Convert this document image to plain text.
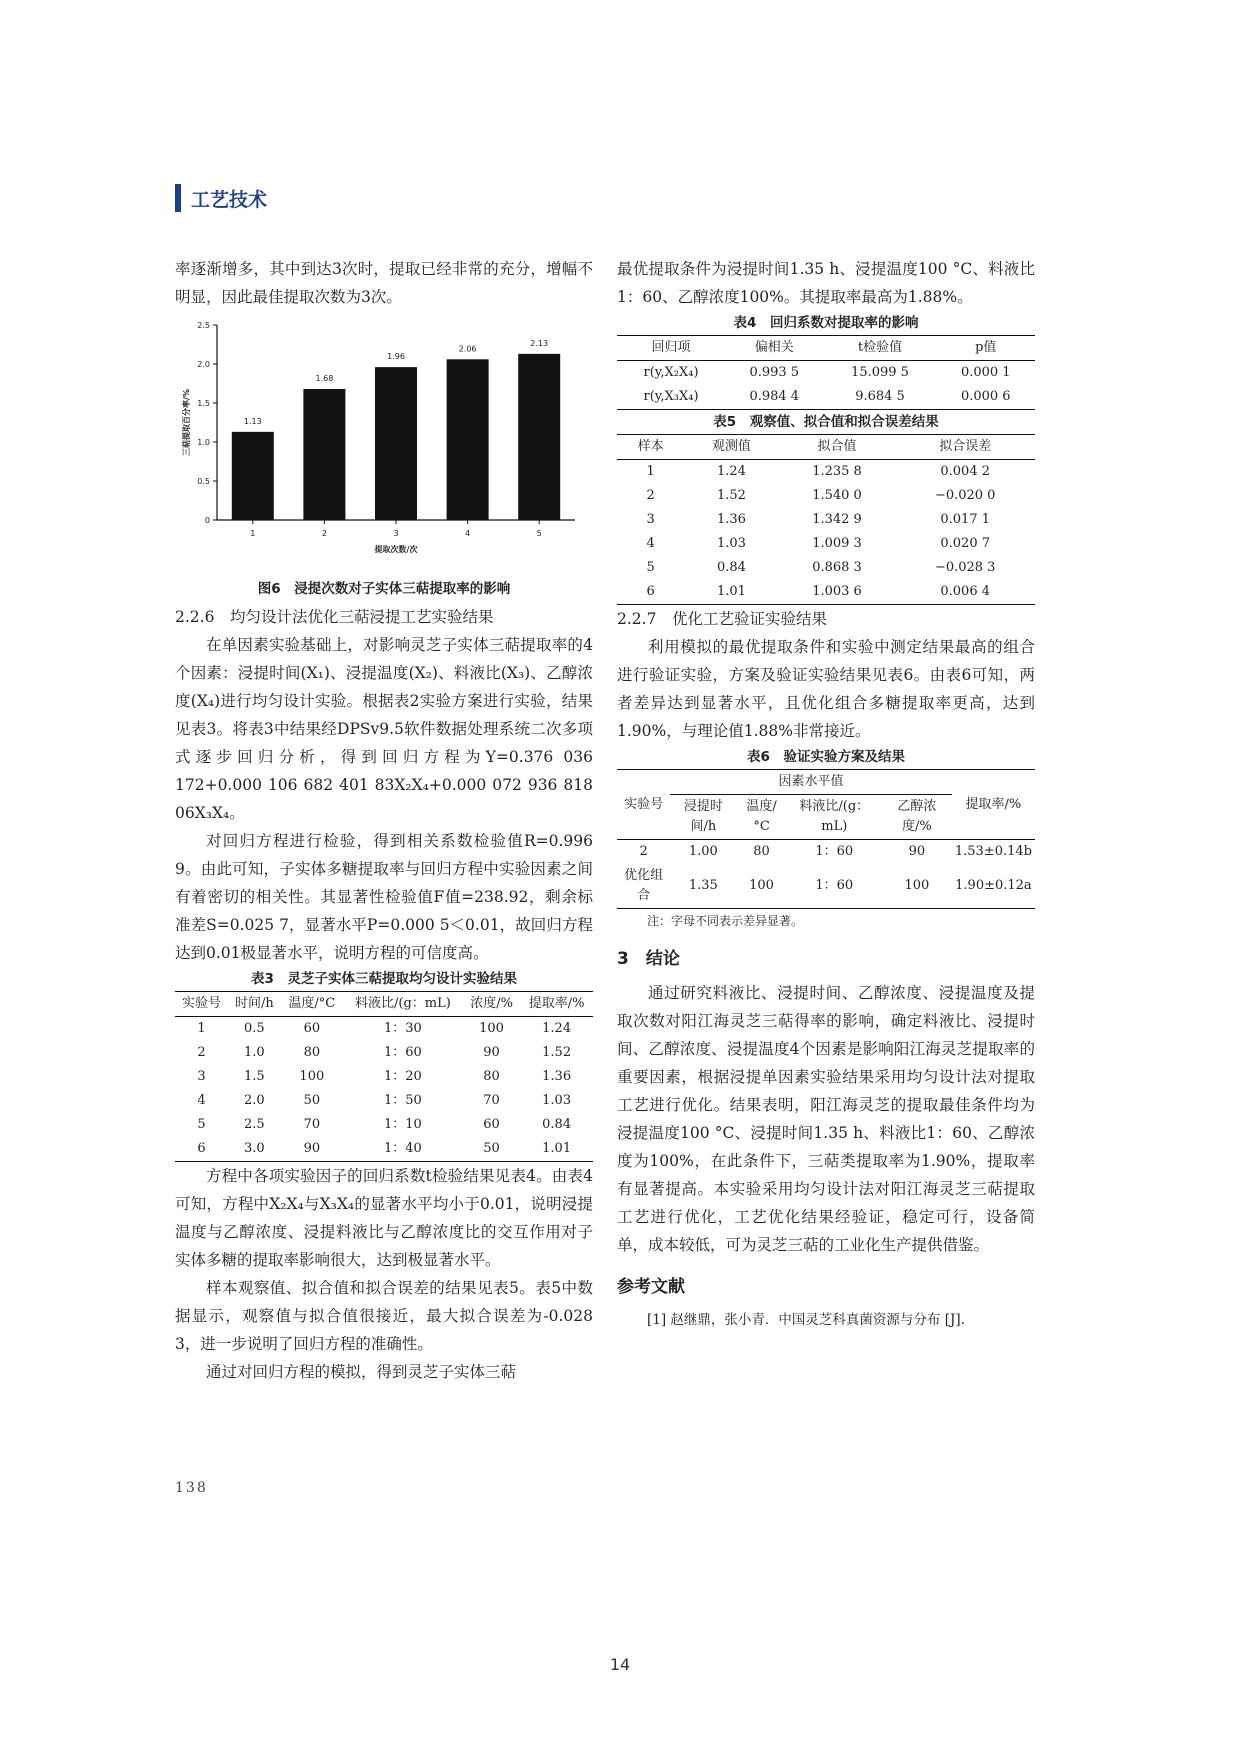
工艺技术

率逐渐增多，其中到达3次时，提取已经非常的充分，增幅不明显，因此最佳提取次数为3次。

0
0.5
1.0
1.5
2.0
2.5
1.13
1
1.68
2
1.96
3
2.06
4
2.13
5
提取次数/次
三萜提取百分率/%

图6　浸提次数对子实体三萜提取率的影响

2.2.6　均匀设计法优化三萜浸提工艺实验结果

在单因素实验基础上，对影响灵芝子实体三萜提取率的4个因素：浸提时间(X₁)、浸提温度(X₂)、料液比(X₃)、乙醇浓度(X₄)进行均匀设计实验。根据表2实验方案进行实验，结果见表3。将表3中结果经DPSv9.5软件数据处理系统二次多项式逐步回归分析，得到回归方程为Y=0.376 036 172+0.000 106 682 401 83X₂X₄+0.000 072 936 818 06X₃X₄。

对回归方程进行检验，得到相关系数检验值R=0.996 9。由此可知，子实体多糖提取率与回归方程中实验因素之间有着密切的相关性。其显著性检验值F值=238.92，剩余标准差S=0.025 7，显著水平P=0.000 5＜0.01，故回归方程达到0.01极显著水平，说明方程的可信度高。

表3　灵芝子实体三萜提取均匀设计实验结果

实验号	时间/h	温度/°C	料液比/(g：mL)	浓度/%	提取率/%
1	0.5	60	1：30	100	1.24
2	1.0	80	1：60	90	1.52
3	1.5	100	1：20	80	1.36
4	2.0	50	1：50	70	1.03
5	2.5	70	1：10	60	0.84
6	3.0	90	1：40	50	1.01

方程中各项实验因子的回归系数t检验结果见表4。由表4可知，方程中X₂X₄与X₃X₄的显著水平均小于0.01，说明浸提温度与乙醇浓度、浸提料液比与乙醇浓度比的交互作用对子实体多糖的提取率影响很大，达到极显著水平。

样本观察值、拟合值和拟合误差的结果见表5。表5中数据显示，观察值与拟合值很接近，最大拟合误差为-0.028 3，进一步说明了回归方程的准确性。

通过对回归方程的模拟，得到灵芝子实体三萜

最优提取条件为浸提时间1.35 h、浸提温度100 °C、料液比1：60、乙醇浓度100%。其提取率最高为1.88%。

表4　回归系数对提取率的影响

回归项	偏相关	t检验值	p值
r(y,X₂X₄)	0.993 5	15.099 5	0.000 1
r(y,X₃X₄)	0.984 4	9.684 5	0.000 6

表5　观察值、拟合值和拟合误差结果

样本	观测值	拟合值	拟合误差
1	1.24	1.235 8	0.004 2
2	1.52	1.540 0	−0.020 0
3	1.36	1.342 9	0.017 1
4	1.03	1.009 3	0.020 7
5	0.84	0.868 3	−0.028 3
6	1.01	1.003 6	0.006 4

2.2.7　优化工艺验证实验结果

利用模拟的最优提取条件和实验中测定结果最高的组合进行验证实验，方案及验证实验结果见表6。由表6可知，两者差异达到显著水平，且优化组合多糖提取率更高，达到1.90%，与理论值1.88%非常接近。

表6　验证实验方案及结果

实验号	因素水平值				提取率/%
	浸提时间/h	温度/°C	料液比/(g：mL)	乙醇浓度/%	
2	1.00	80	1：60	90	1.53±0.14b
优化组合	1.35	100	1：60	100	1.90±0.12a

注：字母不同表示差异显著。

3　结论

通过研究料液比、浸提时间、乙醇浓度、浸提温度及提取次数对阳江海灵芝三萜得率的影响，确定料液比、浸提时间、乙醇浓度、浸提温度4个因素是影响阳江海灵芝提取率的重要因素，根据浸提单因素实验结果采用均匀设计法对提取工艺进行优化。结果表明，阳江海灵芝的提取最佳条件均为浸提温度100 °C、浸提时间1.35 h、料液比1：60、乙醇浓度为100%，在此条件下，三萜类提取率为1.90%，提取率有显著提高。本实验采用均匀设计法对阳江海灵芝三萜提取工艺进行优化，工艺优化结果经验证，稳定可行，设备简单，成本较低，可为灵芝三萜的工业化生产提供借鉴。

参考文献

[1] 赵继鼎，张小青．中国灵芝科真菌资源与分布 [J].

138
14
